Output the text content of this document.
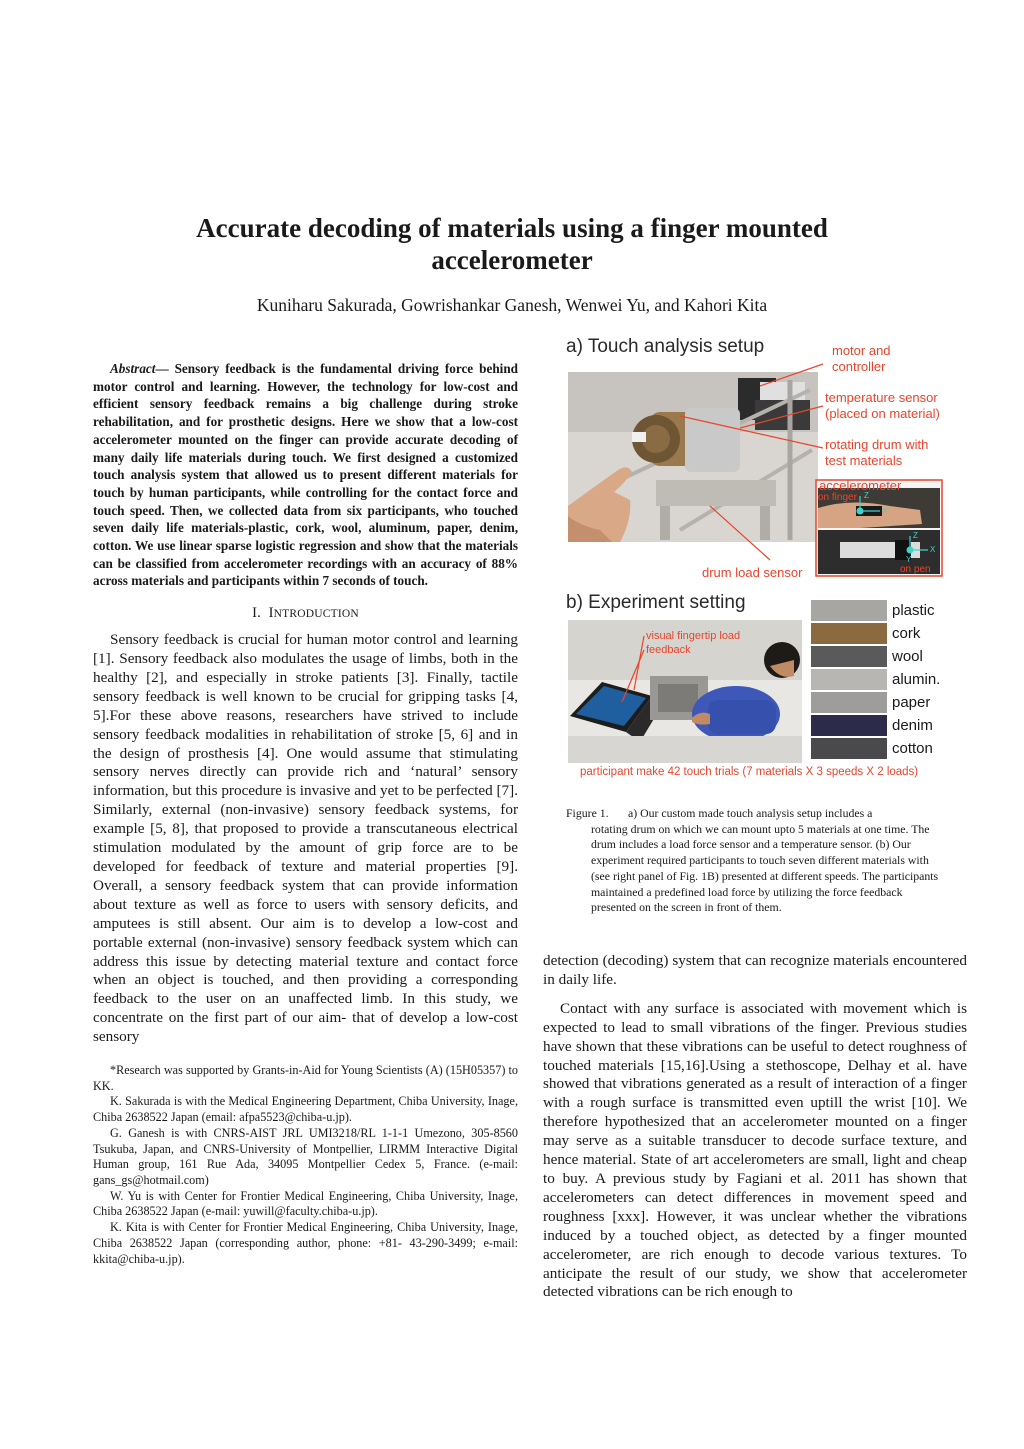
Accurate decoding of materials using a finger mounted
accelerometer
Kuniharu Sakurada, Gowrishankar Ganesh, Wenwei Yu, and Kahori Kita

Abstract— Sensory feedback is the fundamental driving force behind motor control and learning. However, the technology for low-cost and efficient sensory feedback remains a big challenge during stroke rehabilitation, and for prosthetic designs. Here we show that a low-cost accelerometer mounted on the finger can provide accurate decoding of many daily life materials during touch. We first designed a customized touch analysis system that allowed us to present different materials for touch by human participants, while controlling for the contact force and touch speed. Then, we collected data from six participants, who touched seven daily life materials-plastic, cork, wool, aluminum, paper, denim, cotton. We use linear sparse logistic regression and show that the materials can be classified from accelerometer recordings with an accuracy of 88% across materials and participants within 7 seconds of touch.

I. INTRODUCTION

Sensory feedback is crucial for human motor control and learning [1]. Sensory feedback also modulates the usage of limbs, both in the healthy [2], and especially in stroke patients [3]. Finally, tactile sensory feedback is well known to be crucial for gripping tasks [4, 5].For these above reasons, researchers have strived to include sensory feedback modalities in rehabilitation of stroke [5, 6] and in the design of prosthesis [4]. One would assume that stimulating sensory nerves directly can provide rich and ‘natural’ sensory information, but this procedure is invasive and yet to be perfected [7]. Similarly, external (non-invasive) sensory feedback systems, for example [5, 8], that proposed to provide a transcutaneous electrical stimulation modulated by the amount of grip force are to be developed for feedback of texture and material properties [9]. Overall, a sensory feedback system that can provide information about texture as well as force to users with sensory deficits, and amputees is still absent. Our aim is to develop a low-cost and portable external (non-invasive) sensory feedback system which can address this issue by detecting material texture and contact force when an object is touched, and then providing a corresponding feedback to the user on an unaffected limb. In this study, we concentrate on the first part of our aim- that of develop a low-cost sensory

*Research was supported by Grants-in-Aid for Young Scientists (A) (15H05357) to KK.

K. Sakurada is with the Medical Engineering Department, Chiba University, Inage, Chiba 2638522 Japan (email: afpa5523@chiba-u.jp).

G. Ganesh is with CNRS-AIST JRL UMI3218/RL 1-1-1 Umezono, 305-8560 Tsukuba, Japan, and CNRS-University of Montpellier, LIRMM Interactive Digital Human group, 161 Rue Ada, 34095 Montpellier Cedex 5, France. (e-mail: gans_gs@hotmail.com)

W. Yu is with Center for Frontier Medical Engineering, Chiba University, Inage, Chiba 2638522 Japan (e-mail: yuwill@faculty.chiba-u.jp).

K. Kita is with Center for Frontier Medical Engineering, Chiba University, Inage, Chiba 2638522 Japan (corresponding author, phone: +81- 43-290-3499; e-mail: kkita@chiba-u.jp).

a) Touch analysis setup
Z
X
Z
X
Y
on finger
on pen
motor and
controller
temperature sensor
(placed on material)
rotating drum with
test materials
accelerometer
drum load sensor
b) Experiment setting
visual fingertip load
feedback
plastic
cork
wool
alumin.
paper
denim
cotton
participant make 42 touch trials (7 materials X 3 speeds X 2 loads)

Figure 1. a) Our custom made touch analysis setup includes a

rotating drum on which we can mount upto 5 materials at one time. The drum includes a load force sensor and a temperature sensor. (b) Our experiment required participants to touch seven different materials with (see right panel of Fig. 1B) presented at different speeds. The participants maintained a predefined load force by utilizing the force feedback presented on the screen in front of them.

detection (decoding) system that can recognize materials encountered in daily life.

Contact with any surface is associated with movement which is expected to lead to small vibrations of the finger. Previous studies have shown that these vibrations can be useful to detect roughness of touched materials [15,16].Using a stethoscope, Delhay et al. have showed that vibrations generated as a result of interaction of a finger with a rough surface is transmitted even uptill the wrist [10]. We therefore hypothesized that an accelerometer mounted on a finger may serve as a suitable transducer to decode surface texture, and hence material. State of art accelerometers are small, light and cheap to buy. A previous study by Fagiani et al. 2011 has shown that accelerometers can detect differences in movement speed and roughness [xxx]. However, it was unclear whether the vibrations induced by a touched object, as detected by a finger mounted accelerometer, are rich enough to decode various textures. To anticipate the result of our study, we show that accelerometer detected vibrations can be rich enough to
